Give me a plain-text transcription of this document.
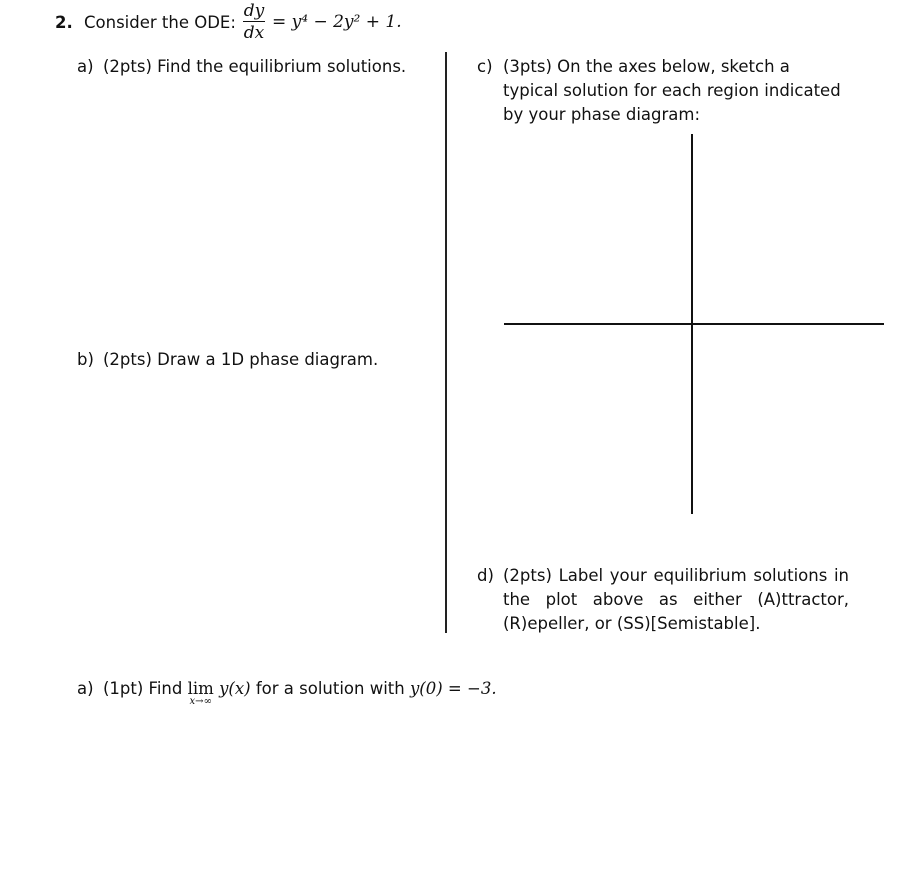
2. Consider the ODE:
dy
dx
= y⁴ − 2y² + 1.
a) (2pts) Find the equilibrium solutions.
b) (2pts) Draw a 1D phase diagram.
c) (3pts) On the axes below, sketch a typical solution for each region indicated by your phase diagram:
d) (2pts) Label your equilibrium solutions in the plot above as either (A)ttractor, (R)epeller, or (SS)[Semistable].
a) (1pt) Find lim
x→∞
y(x) for a solution with y(0) = −3.
